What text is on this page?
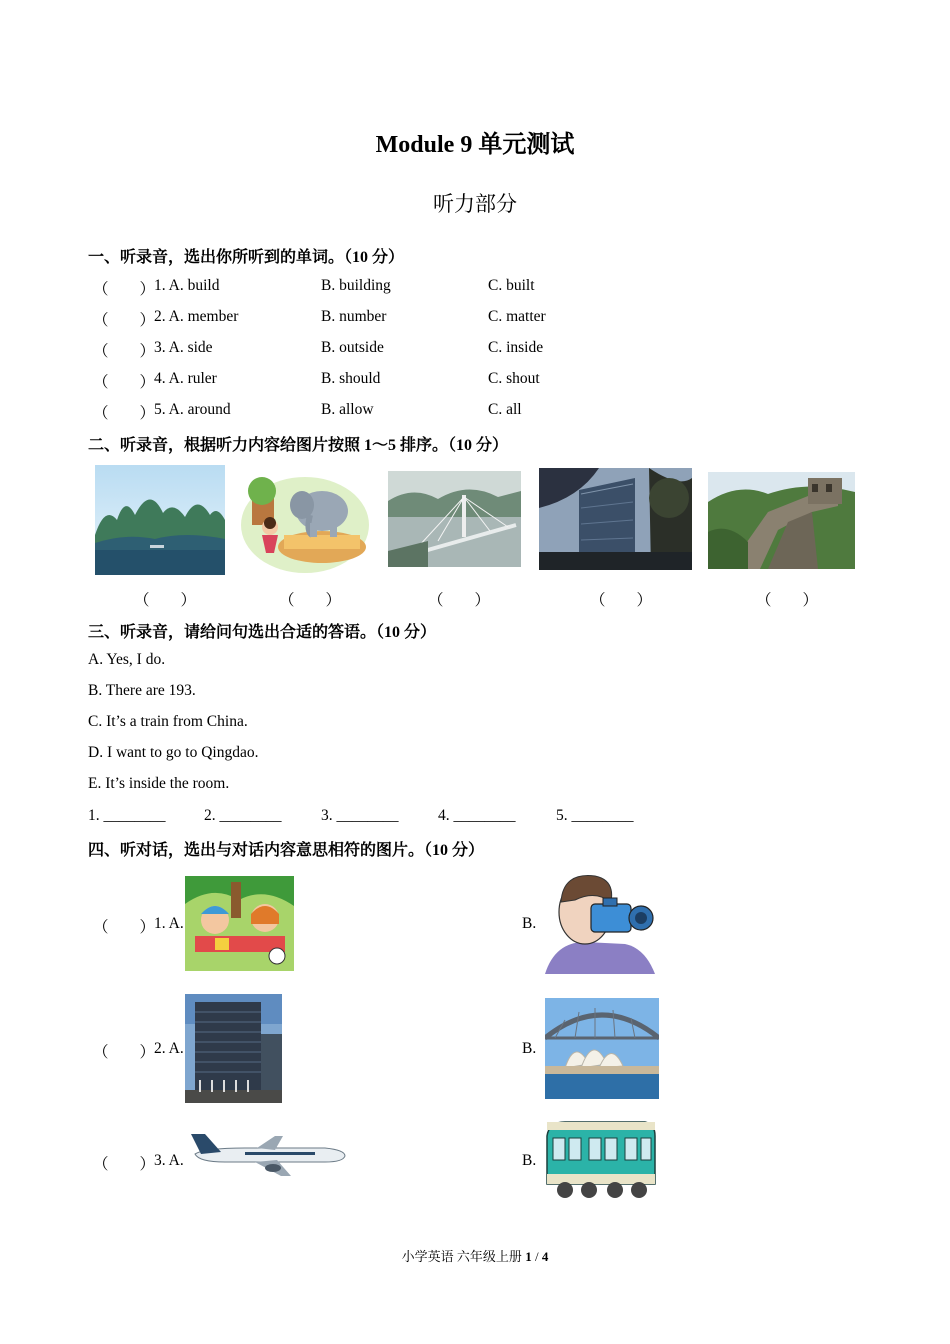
Module 9 单元测试
听力部分
一、听录音，选出你所听到的单词。（10 分）
（　　）
1. A. build	B. building	C. built
（　　）
2. A. member	B. number	C. matter
（　　）
3. A. side	B. outside	C. inside
（　　）
4. A. ruler	B. should	C. shout
（　　）
5. A. around	B. allow	C. all
二、听录音，根据听力内容给图片按照 1～5 排序。（10 分）
（　　）	（　　）	（　　）	（　　）	（　　）
三、听录音，请给问句选出合适的答语。（10 分）
A. Yes, I do.
B. There are 193.
C. It’s a train from China.
D. I want to go to Qingdao.
E. It’s inside the room.
1. ________ 2. ________	3. ________	4. ________	5. ________
四、听对话，选出与对话内容意思相符的图片。（10 分）
（　　）
1. A.	B.
（　　）
2. A.	B.
（　　）
3. A.	B.
小学英语 六年级上册 1 / 4
